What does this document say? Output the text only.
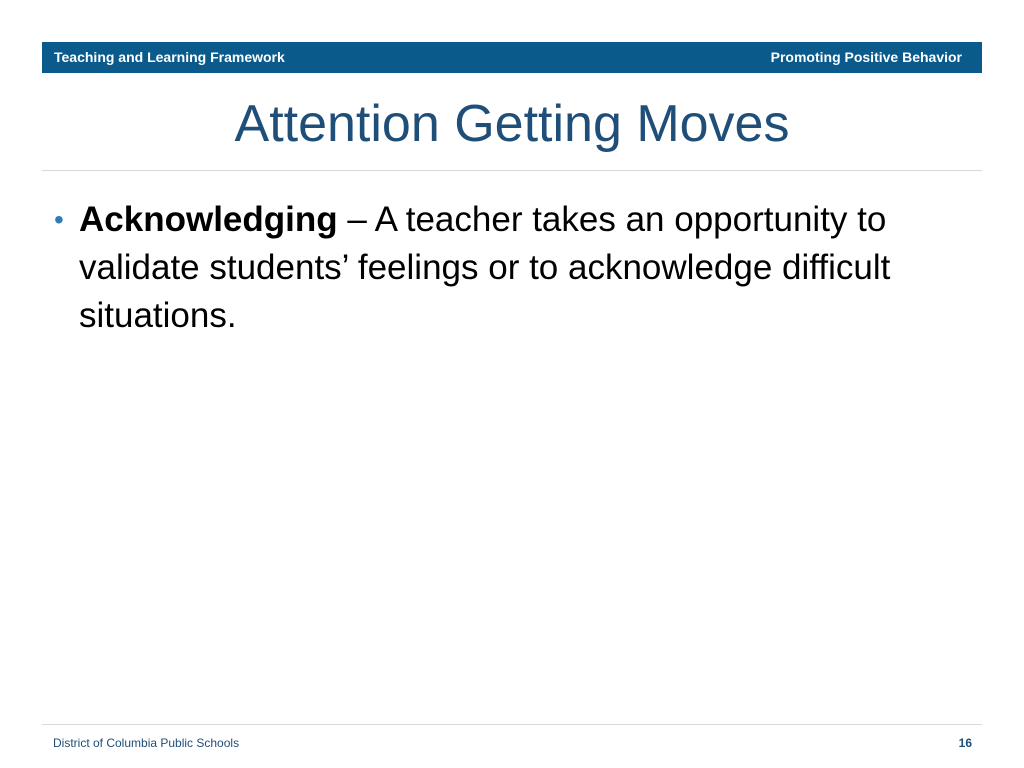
Teaching and Learning Framework	Promoting Positive Behavior
Attention Getting Moves
• Acknowledging – A teacher takes an opportunity to validate students’ feelings or to acknowledge difficult situations.
District of Columbia Public Schools	16
